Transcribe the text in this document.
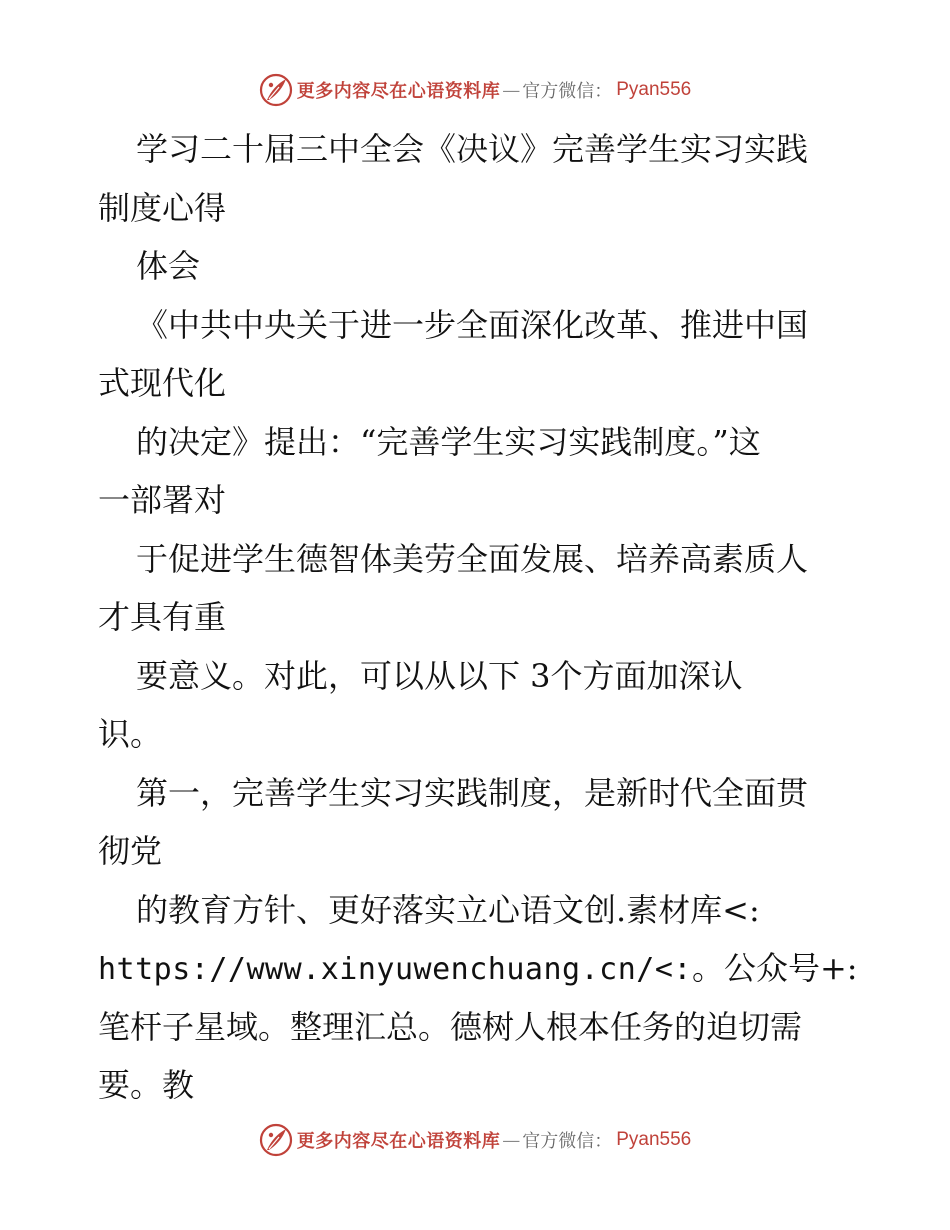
更多内容尽在心语资料库 — 官方微信： Pyan556
学习二十届三中全会《决议》完善学生实习实践
制度心得
体会
《中共中央关于进一步全面深化改革、推进中国
式现代化
的决定》提出：“完善学生实习实践制度。”这
一部署对
于促进学生德智体美劳全面发展、培养高素质人
才具有重
要意义。对此，可以从以下 3个方面加深认
识。
第一，完善学生实习实践制度，是新时代全面贯
彻党
的教育方针、更好落实立心语文创.素材库<:
https://www.xinyuwenchuang.cn/<:。公众号+:
笔杆子星域。整理汇总。德树人根本任务的迫切需
要。教
更多内容尽在心语资料库 — 官方微信： Pyan556
